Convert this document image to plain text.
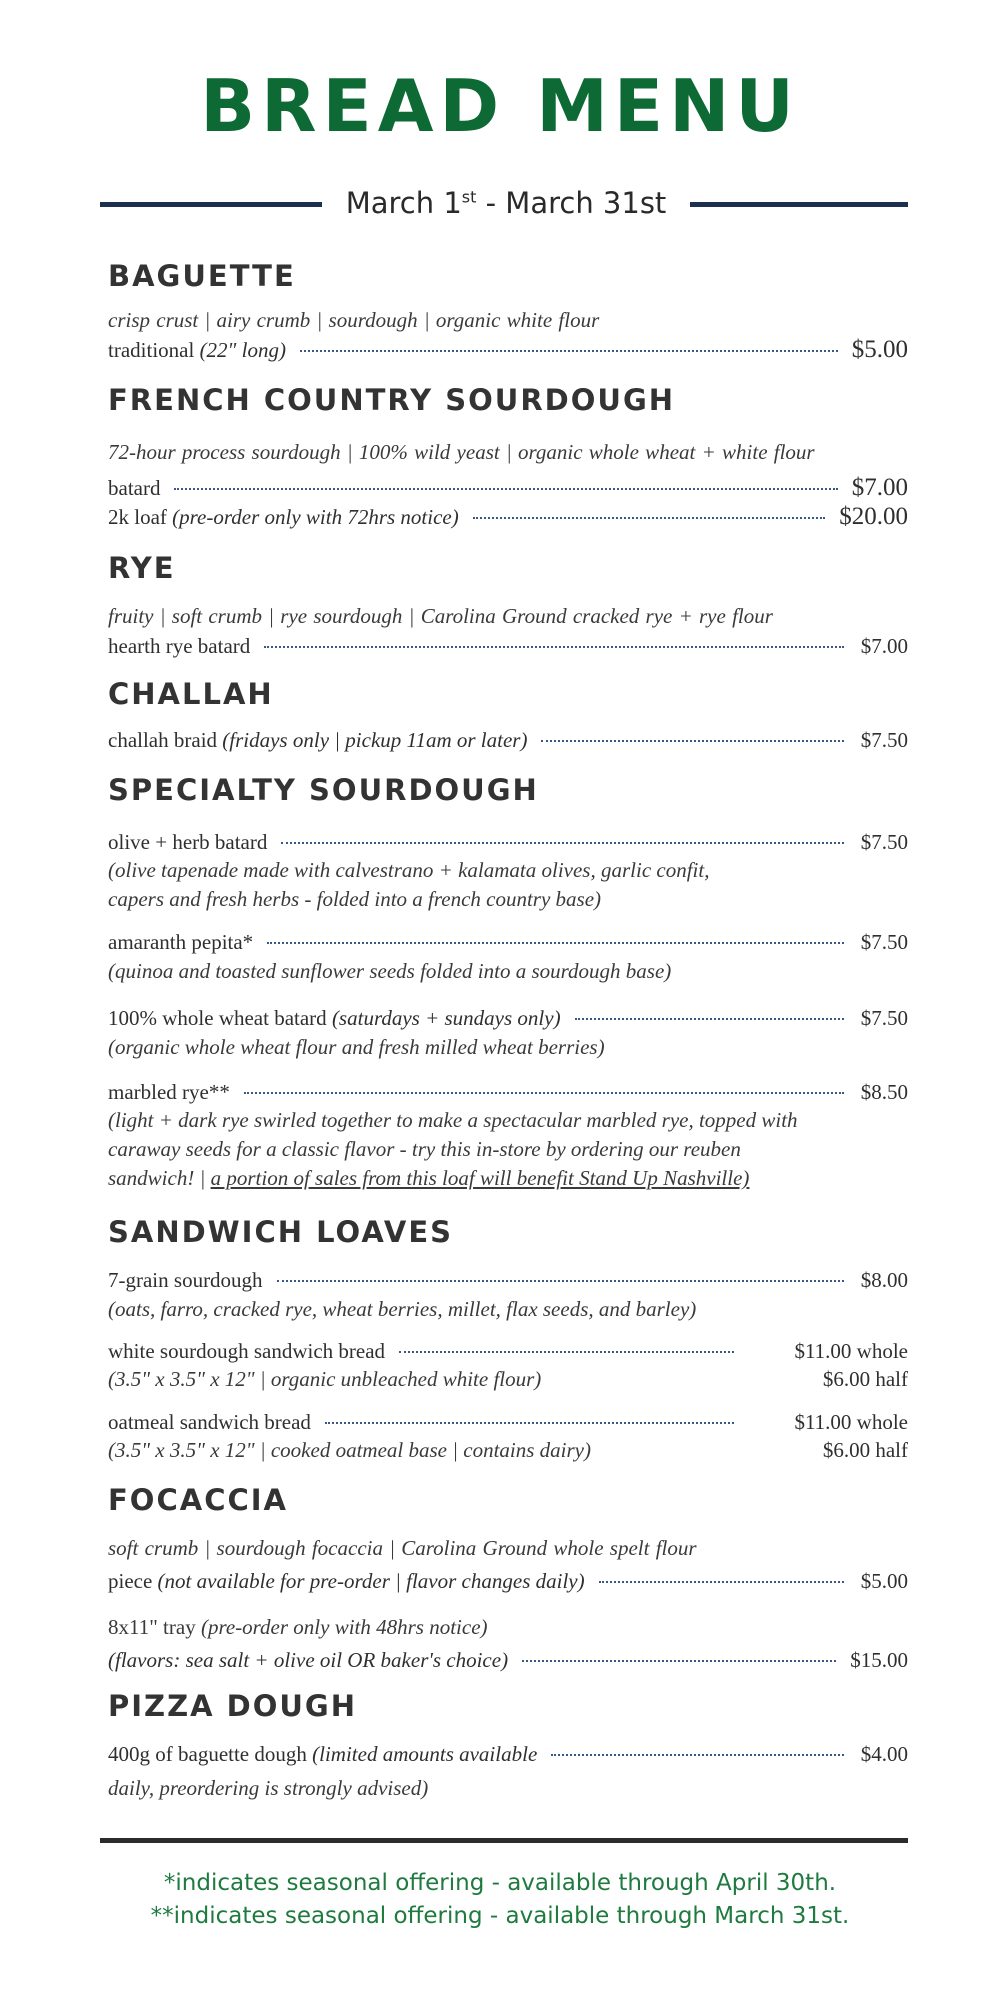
BREAD MENU
March 1st - March 31st
BAGUETTE
crisp crust | airy crumb | sourdough | organic white flour
traditional (22" long)	$5.00
FRENCH COUNTRY SOURDOUGH
72-hour process sourdough | 100% wild yeast | organic whole wheat + white flour
batard	$7.00
2k loaf (pre-order only with 72hrs notice)	$20.00
RYE
fruity | soft crumb | rye sourdough | Carolina Ground cracked rye + rye flour
hearth rye batard	$7.00
CHALLAH
challah braid (fridays only | pickup 11am or later)	$7.50
SPECIALTY SOURDOUGH
olive + herb batard	$7.50
(olive tapenade made with calvestrano + kalamata olives, garlic confit,
capers and fresh herbs - folded into a french country base)
amaranth pepita*	$7.50
(quinoa and toasted sunflower seeds folded into a sourdough base)
100% whole wheat batard (saturdays + sundays only)	$7.50
(organic whole wheat flour and fresh milled wheat berries)
marbled rye**	$8.50
(light + dark rye swirled together to make a spectacular marbled rye, topped with
caraway seeds for a classic flavor - try this in-store by ordering our reuben
sandwich! | a portion of sales from this loaf will benefit Stand Up Nashville)
SANDWICH LOAVES
7-grain sourdough	$8.00
(oats, farro, cracked rye, wheat berries, millet, flax seeds, and barley)
white sourdough sandwich bread	$11.00 whole
(3.5" x 3.5" x 12" | organic unbleached white flour)	$6.00 half
oatmeal sandwich bread	$11.00 whole
(3.5" x 3.5" x 12" | cooked oatmeal base | contains dairy)	$6.00 half
FOCACCIA
soft crumb | sourdough focaccia | Carolina Ground whole spelt flour
piece (not available for pre-order | flavor changes daily)	$5.00
8x11" tray (pre-order only with 48hrs notice)
(flavors: sea salt + olive oil OR baker's choice)	$15.00
PIZZA DOUGH
400g of baguette dough (limited amounts available	$4.00
daily, preordering is strongly advised)
*indicates seasonal offering - available through April 30th.
**indicates seasonal offering - available through March 31st.
